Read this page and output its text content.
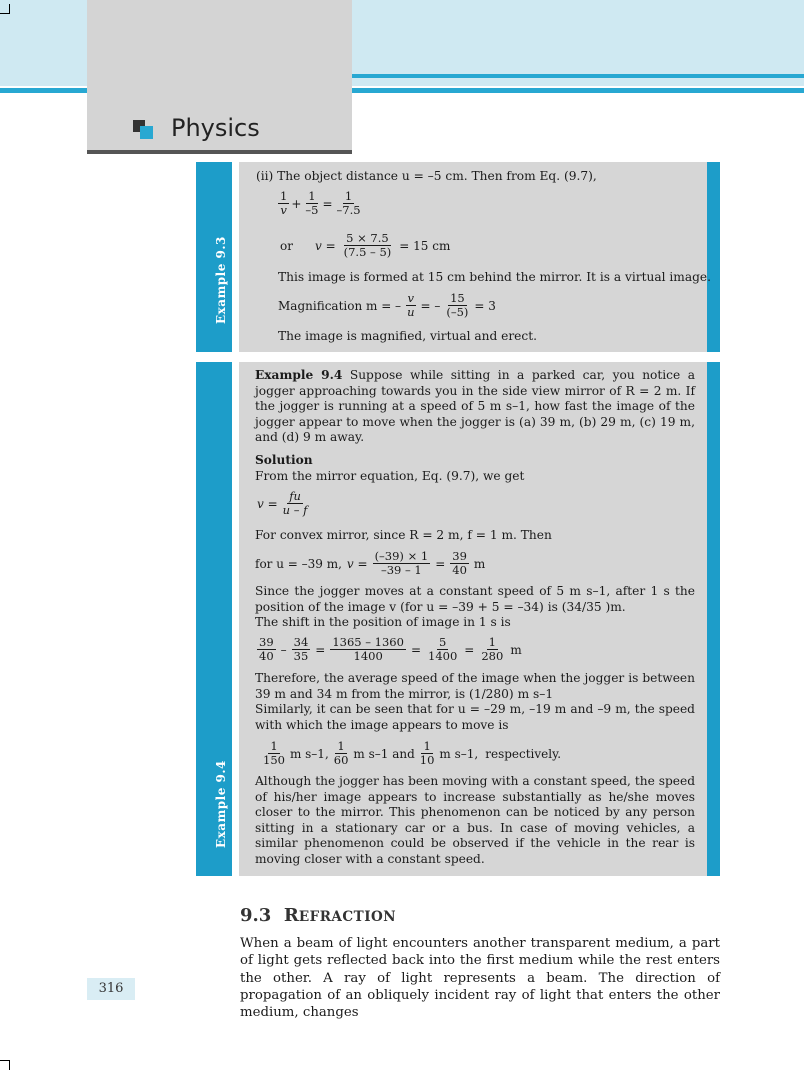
Physics
Example 9.3
(ii) The object distance u = –5 cm. Then from Eq. (9.7),
$\frac{1}{v} + \frac{1}{-5} = \frac{1}{-7.5}$
or $v = \frac{5 \times 7.5}{(7.5 - 5)} = 15$ cm
This image is formed at 15 cm behind the mirror. It is a virtual image.
Magnification m = – $\frac{v}{u}$ = – $\frac{15}{(-5)} = 3$
The image is magnified, virtual and erect.
Example 9.4

Example 9.4 Suppose while sitting in a parked car, you notice a jogger approaching towards you in the side view mirror of R = 2 m. If the jogger is running at a speed of 5 m s–1, how fast the image of the jogger appear to move when the jogger is (a) 39 m, (b) 29 m, (c) 19 m, and (d) 9 m away.

Solution
From the mirror equation, Eq. (9.7), we get
$v = \frac{fu}{u - f}$
For convex mirror, since R = 2 m, f = 1 m. Then
for u = –39 m, $v = \frac{(-39) \times 1}{-39 - 1} = \frac{39}{40}$ m

Since the jogger moves at a constant speed of 5 m s–1, after 1 s the position of the image v (for u = –39 + 5 = –34) is (34/35 )m.

The shift in the position of image in 1 s is
$\frac{39}{40} - \frac{34}{35} = \frac{1365 - 1360}{1400} = \frac{5}{1400} = \frac{1}{280}$ m

Therefore, the average speed of the image when the jogger is between 39 m and 34 m from the mirror, is (1/280) m s–1

Similarly, it can be seen that for u = –29 m, –19 m and –9 m, the speed with which the image appears to move is

$\frac{1}{150}$ m s–1, $\frac{1}{60}$ m s–1 and $\frac{1}{10}$ m s–1, respectively.

Although the jogger has been moving with a constant speed, the speed of his/her image appears to increase substantially as he/she moves closer to the mirror. This phenomenon can be noticed by any person sitting in a stationary car or a bus. In case of moving vehicles, a similar phenomenon could be observed if the vehicle in the rear is moving closer with a constant speed.

9.3 REFRACTION

When a beam of light encounters another transparent medium, a part of light gets reflected back into the first medium while the rest enters the other. A ray of light represents a beam. The direction of propagation of an obliquely incident ray of light that enters the other medium, changes

316
